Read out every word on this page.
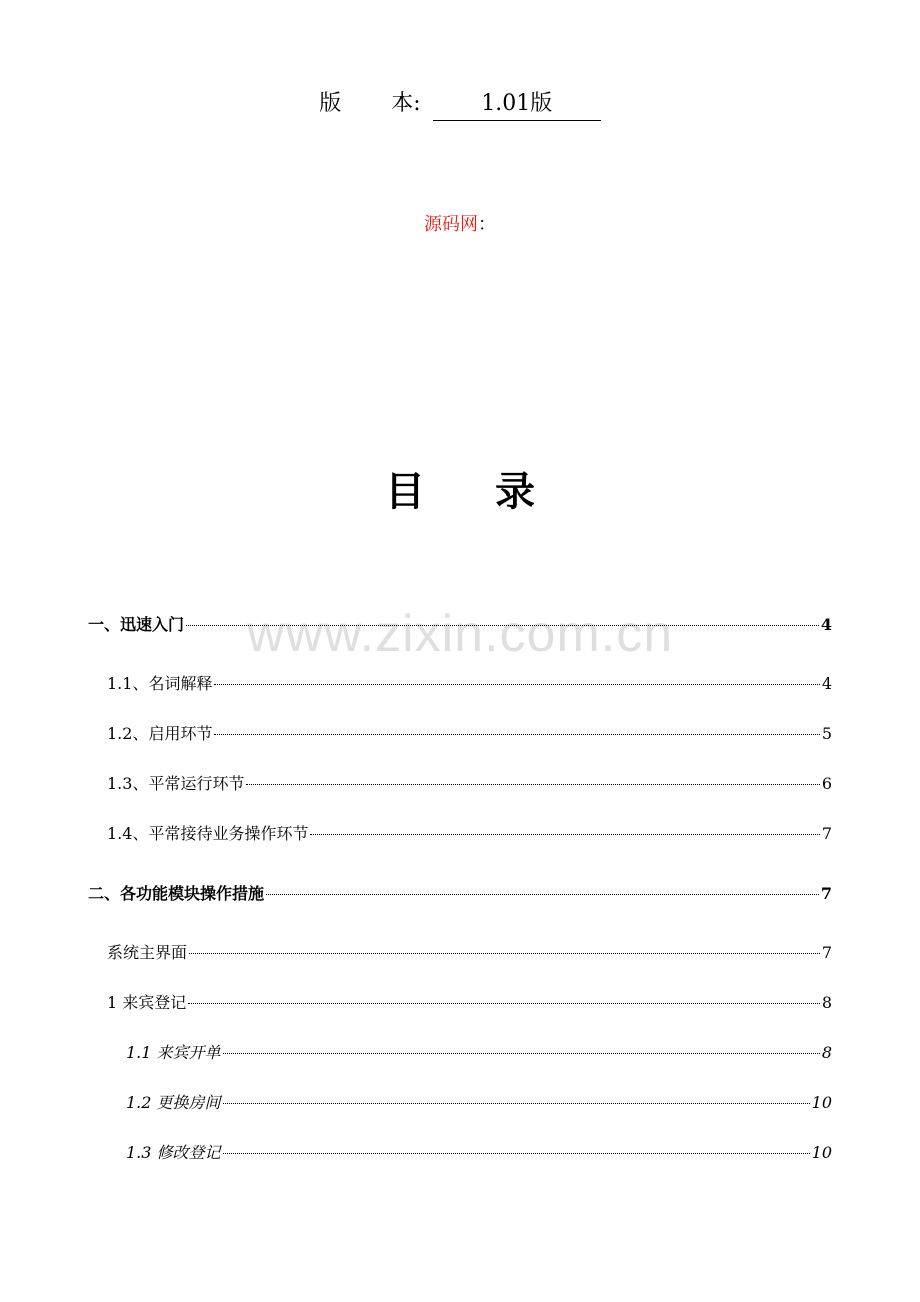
版 本:	1.01版
源码网：
目 录
www.zixin.com.cn
一、迅速入门	4
1.1、名词解释	4
1.2、启用环节	5
1.3、平常运行环节	6
1.4、平常接待业务操作环节	7
二、各功能模块操作措施	7
系统主界面	7
1 来宾登记	8
1.1 来宾开单	8
1.2 更换房间	10
1.3 修改登记	10
